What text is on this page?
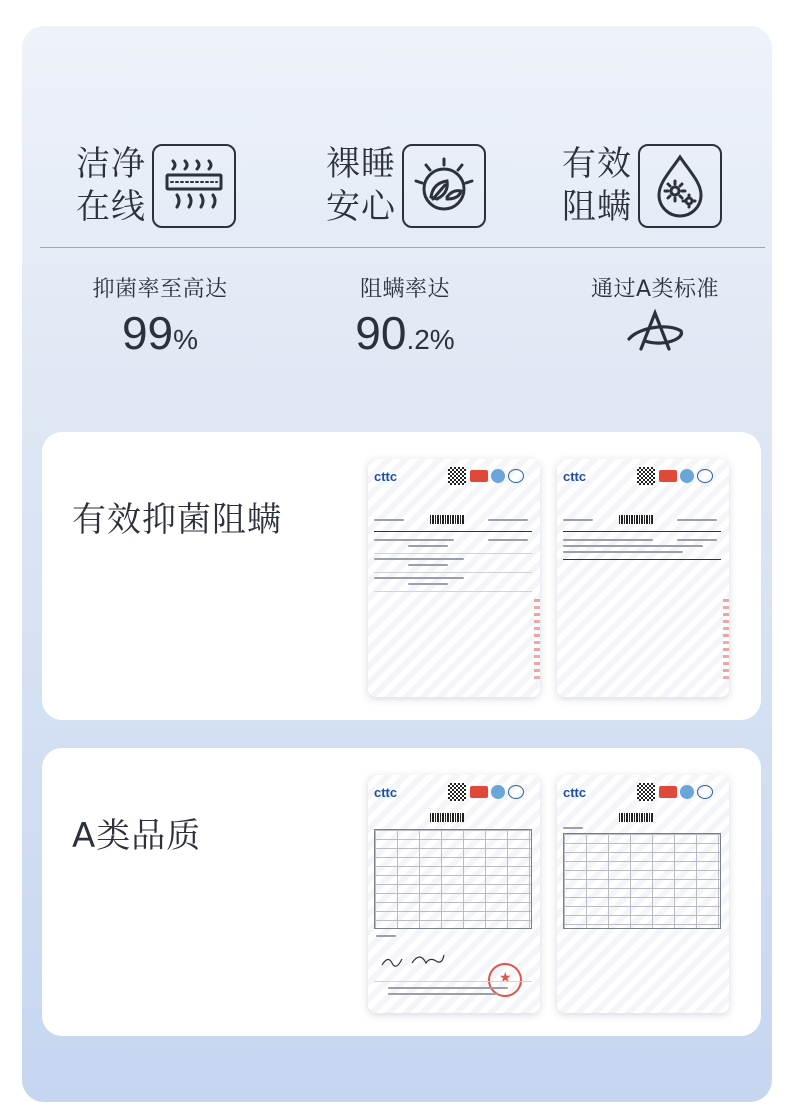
洁净
在线
裸睡
安心
有效
阻螨
抑菌率至高达
99%
阻螨率达
90.2%
通过A类标准
有效抑菌阻螨
cttc	cttc
A类品质
cttc
★	cttc
